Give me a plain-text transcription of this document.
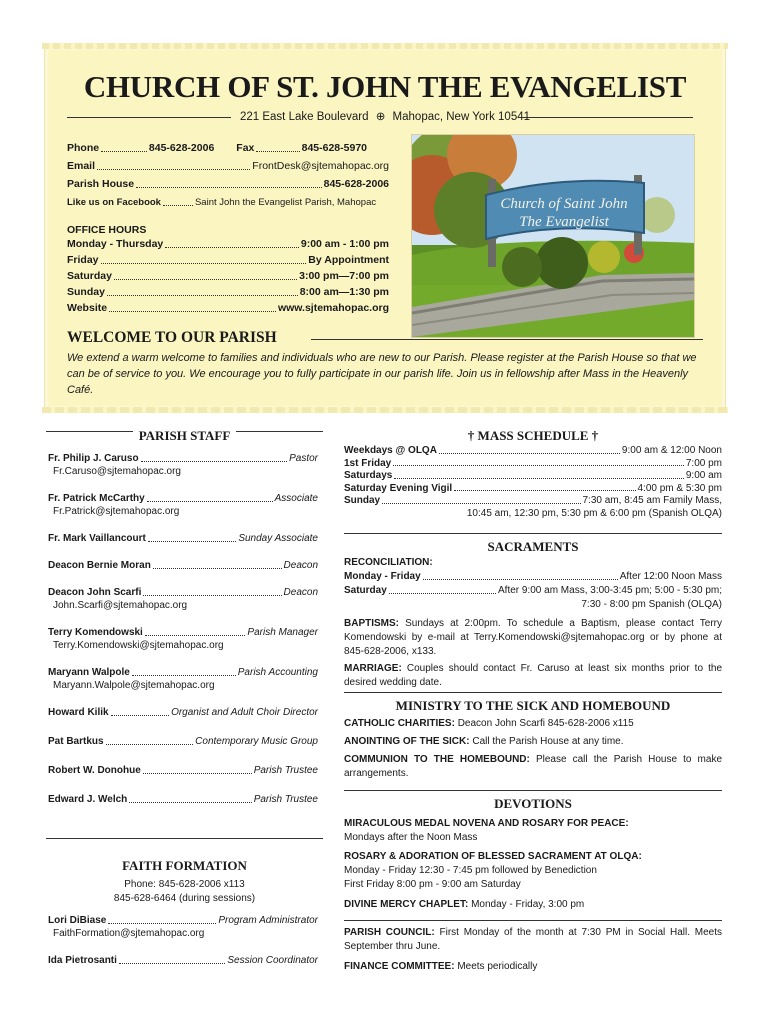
CHURCH OF ST. JOHN THE EVANGELIST
221 East Lake Boulevard ⊕ Mahopac, New York 10541
Phone	845-628-2006 Fax	845-628-5970
Email	FrontDesk@sjtemahopac.org
Parish House	845-628-2006
Like us on Facebook	Saint John the Evangelist Parish, Mahopac
OFFICE HOURS
Monday - Thursday	9:00 am - 1:00 pm
Friday	By Appointment
Saturday	3:00 pm—7:00 pm
Sunday	8:00 am—1:30 pm
Website	www.sjtemahopac.org
Church of Saint John
The Evangelist
WELCOME TO OUR PARISH
We extend a warm welcome to families and individuals who are new to our Parish. Please register at the Parish House so that we can be of service to you. We encourage you to fully participate in our parish life. Join us in fellowship after Mass in the Heavenly Café.
PARISH STAFF
Fr. Philip J. Caruso	Pastor
Fr.Caruso@sjtemahopac.org
Fr. Patrick McCarthy	Associate
Fr.Patrick@sjtemahopac.org
Fr. Mark Vaillancourt	Sunday Associate
Deacon Bernie Moran	Deacon
Deacon John Scarfi	Deacon
John.Scarfi@sjtemahopac.org
Terry Komendowski	Parish Manager
Terry.Komendowski@sjtemahopac.org
Maryann Walpole	Parish Accounting
Maryann.Walpole@sjtemahopac.org
Howard Kilik	Organist and Adult Choir Director
Pat Bartkus	Contemporary Music Group
Robert W. Donohue	Parish Trustee
Edward J. Welch	Parish Trustee
FAITH FORMATION
Phone: 845-628-2006 x113
845-628-6464 (during sessions)
Lori DiBiase	Program Administrator
FaithFormation@sjtemahopac.org
Ida Pietrosanti	Session Coordinator
† MASS SCHEDULE †
Weekdays @ OLQA	9:00 am & 12:00 Noon
1st Friday	7:00 pm
Saturdays	9:00 am
Saturday Evening Vigil	4:00 pm & 5:30 pm
Sunday	7:30 am, 8:45 am Family Mass,
10:45 am, 12:30 pm, 5:30 pm & 6:00 pm (Spanish OLQA)
SACRAMENTS
RECONCILIATION:
Monday - Friday	After 12:00 Noon Mass
Saturday	After 9:00 am Mass, 3:00-3:45 pm; 5:00 - 5:30 pm;
7:30 - 8:00 pm Spanish (OLQA)
BAPTISMS: Sundays at 2:00pm. To schedule a Baptism, please contact Terry Komendowski by e-mail at Terry.Komendowski@sjtemahopac.org or by phone at 845-628-2006, x133.
MARRIAGE: Couples should contact Fr. Caruso at least six months prior to the desired wedding date.
MINISTRY TO THE SICK AND HOMEBOUND
CATHOLIC CHARITIES: Deacon John Scarfi 845-628-2006 x115
ANOINTING OF THE SICK: Call the Parish House at any time.
COMMUNION TO THE HOMEBOUND: Please call the Parish House to make arrangements.
DEVOTIONS
MIRACULOUS MEDAL NOVENA AND ROSARY FOR PEACE:
Mondays after the Noon Mass
ROSARY & ADORATION OF BLESSED SACRAMENT AT OLQA:
Monday - Friday 12:30 - 7:45 pm followed by Benediction
First Friday 8:00 pm - 9:00 am Saturday
DIVINE MERCY CHAPLET: Monday - Friday, 3:00 pm
PARISH COUNCIL: First Monday of the month at 7:30 PM in Social Hall. Meets September thru June.
FINANCE COMMITTEE: Meets periodically
